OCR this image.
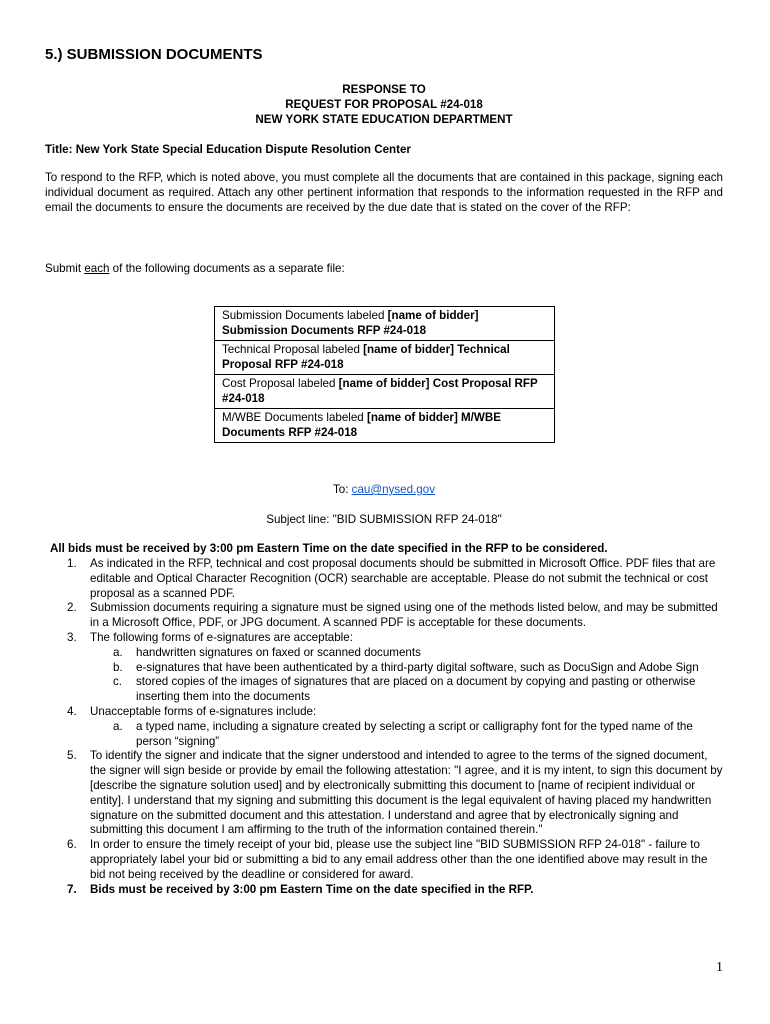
5.) SUBMISSION DOCUMENTS
RESPONSE TO
REQUEST FOR PROPOSAL #24-018
NEW YORK STATE EDUCATION DEPARTMENT
Title: New York State Special Education Dispute Resolution Center
To respond to the RFP, which is noted above, you must complete all the documents that are contained in this package, signing each individual document as required. Attach any other pertinent information that responds to the information requested in the RFP and email the documents to ensure the documents are received by the due date that is stated on the cover of the RFP:
Submit each of the following documents as a separate file:
Submission Documents labeled [name of bidder] Submission Documents RFP #24-018
Technical Proposal labeled [name of bidder] Technical Proposal RFP #24-018
Cost Proposal labeled [name of bidder] Cost Proposal RFP #24-018
M/WBE Documents labeled [name of bidder] M/WBE Documents RFP #24-018
To: cau@nysed.gov
Subject line: "BID SUBMISSION RFP 24-018"
All bids must be received by 3:00 pm Eastern Time on the date specified in the RFP to be considered.
1. As indicated in the RFP, technical and cost proposal documents should be submitted in Microsoft Office. PDF files that are editable and Optical Character Recognition (OCR) searchable are acceptable. Please do not submit the technical or cost proposal as a scanned PDF.
2. Submission documents requiring a signature must be signed using one of the methods listed below, and may be submitted in a Microsoft Office, PDF, or JPG document. A scanned PDF is acceptable for these documents.
3. The following forms of e-signatures are acceptable:
a. handwritten signatures on faxed or scanned documents
b. e-signatures that have been authenticated by a third-party digital software, such as DocuSign and Adobe Sign
c. stored copies of the images of signatures that are placed on a document by copying and pasting or otherwise inserting them into the documents
4. Unacceptable forms of e-signatures include:
a. a typed name, including a signature created by selecting a script or calligraphy font for the typed name of the person “signing”
5. To identify the signer and indicate that the signer understood and intended to agree to the terms of the signed document, the signer will sign beside or provide by email the following attestation: "I agree, and it is my intent, to sign this document by [describe the signature solution used] and by electronically submitting this document to [name of recipient individual or entity]. I understand that my signing and submitting this document is the legal equivalent of having placed my handwritten signature on the submitted document and this attestation. I understand and agree that by electronically signing and submitting this document I am affirming to the truth of the information contained therein."
6. In order to ensure the timely receipt of your bid, please use the subject line "BID SUBMISSION RFP 24-018" - failure to appropriately label your bid or submitting a bid to any email address other than the one identified above may result in the bid not being received by the deadline or considered for award.
7. Bids must be received by 3:00 pm Eastern Time on the date specified in the RFP.
1
